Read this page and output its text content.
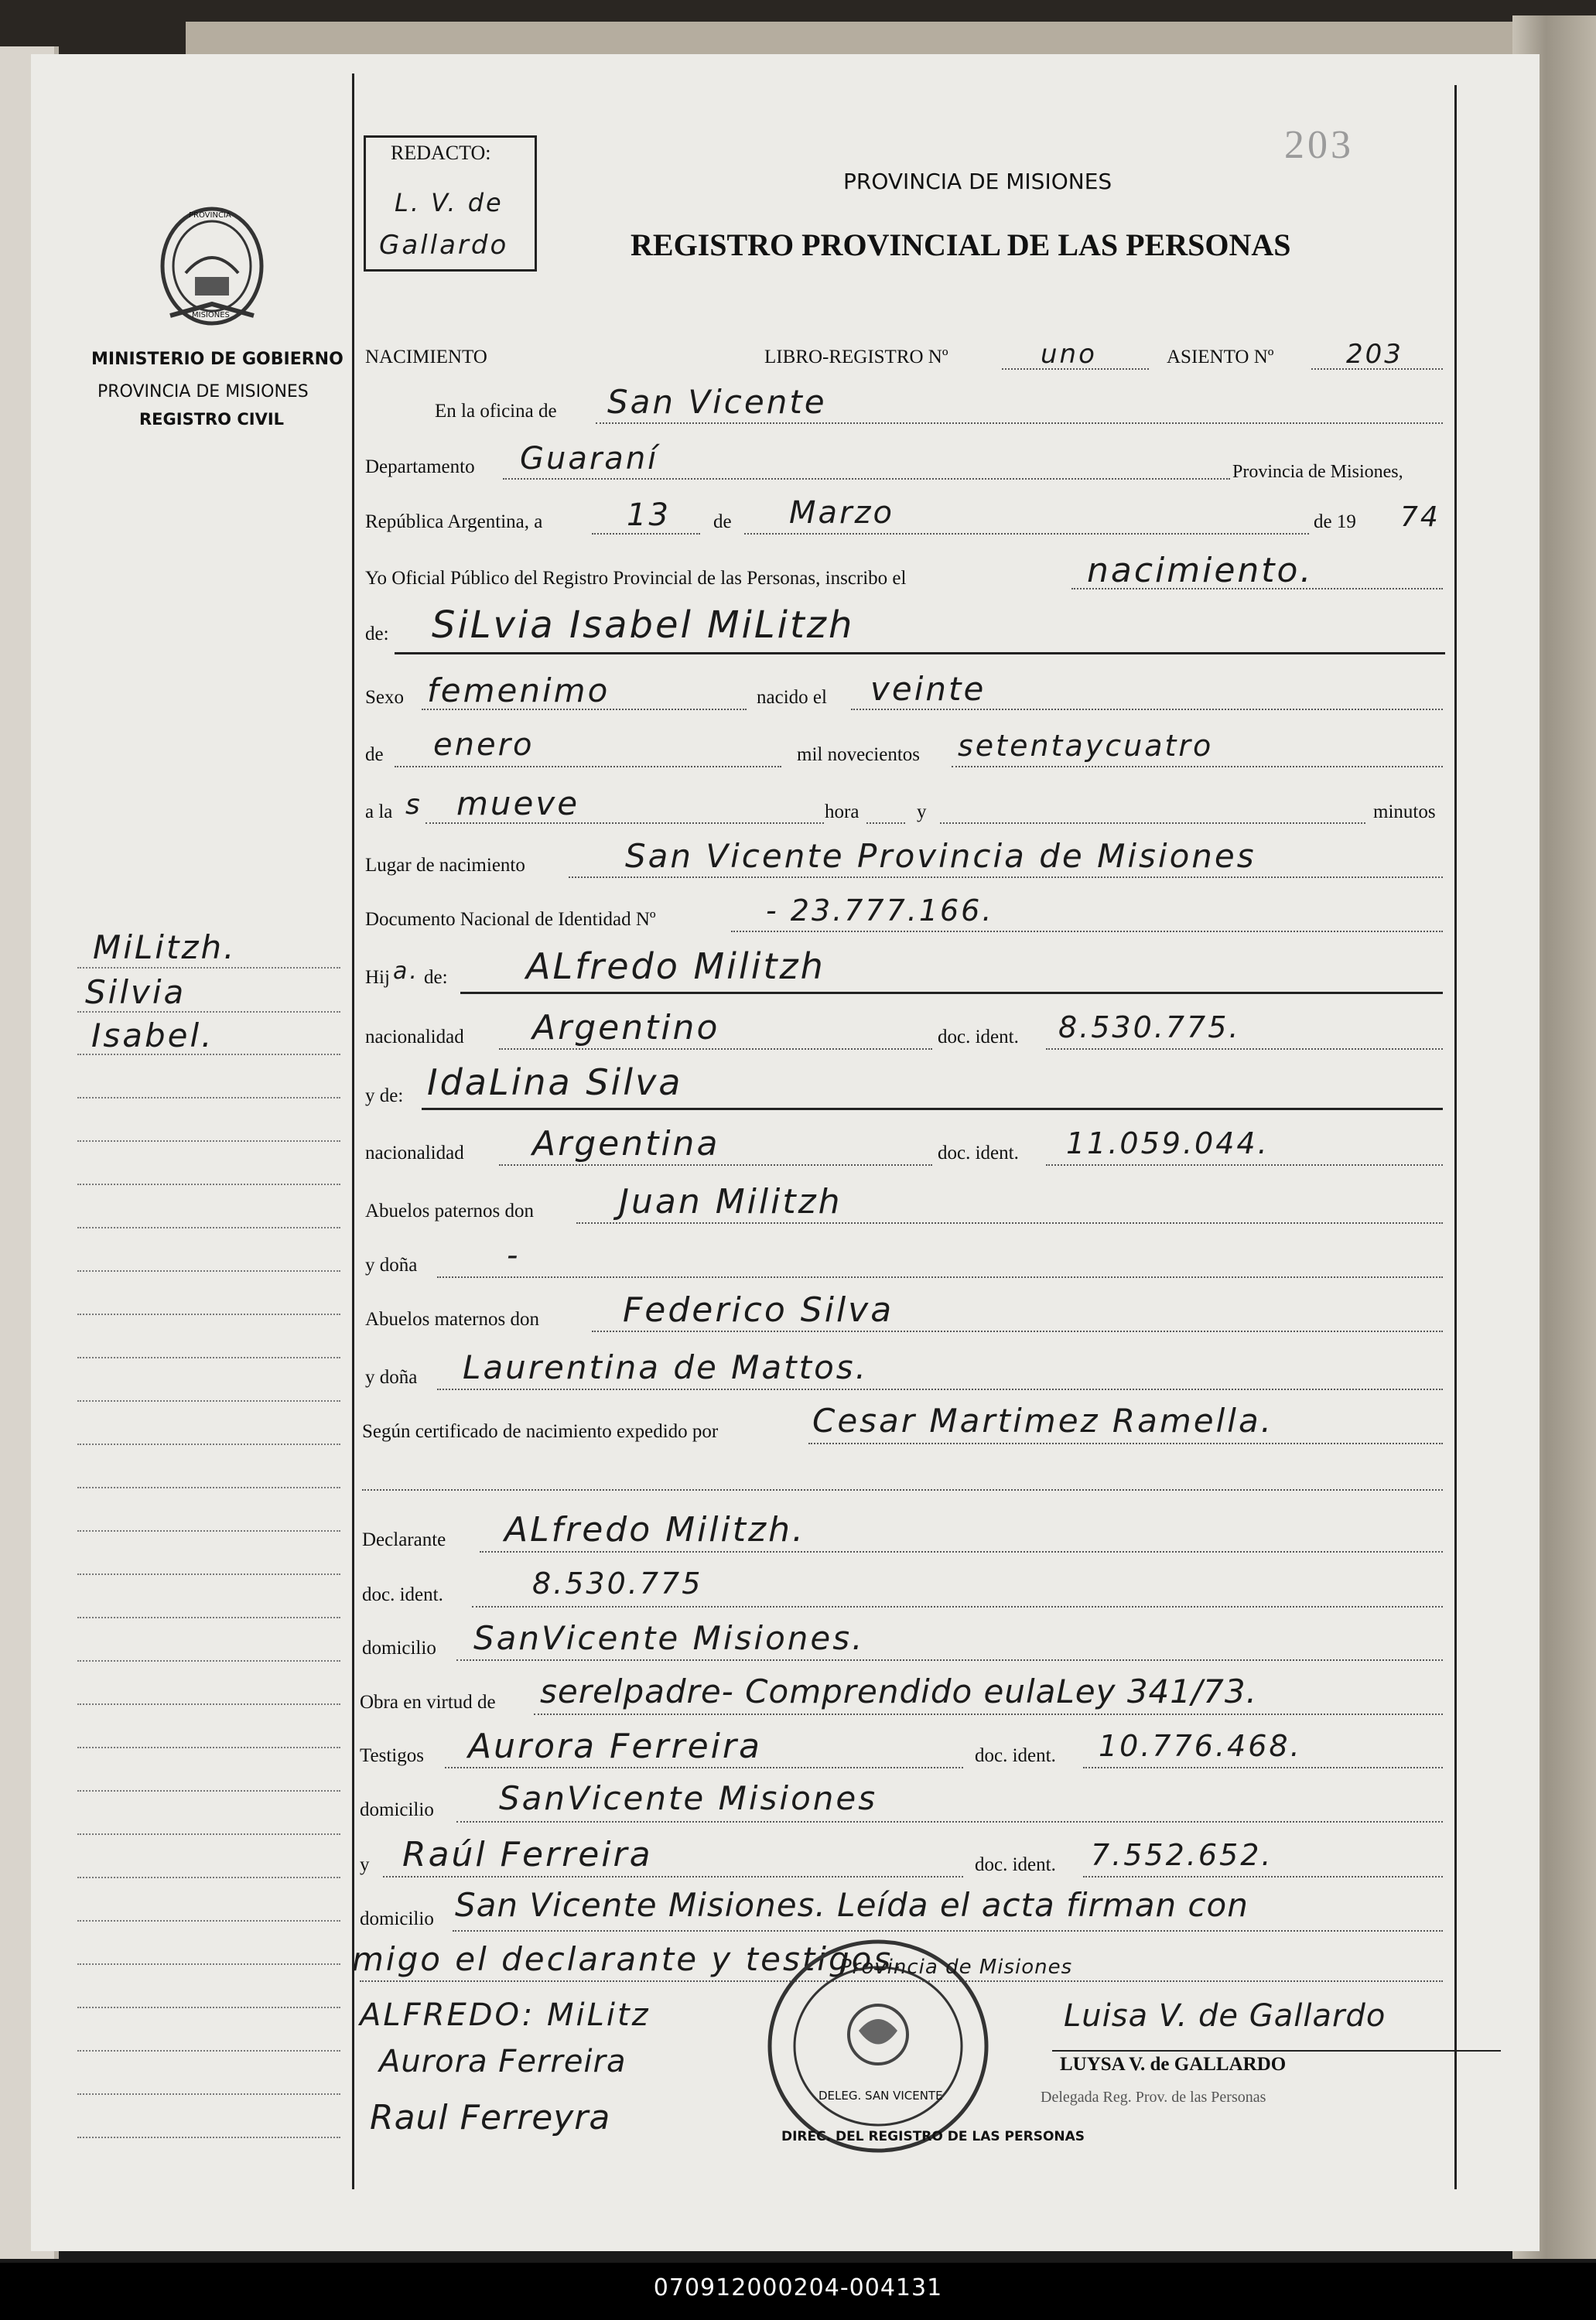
203
REDACTO:
L. V. de
Gallardo
PROVINCIA DE MISIONES
REGISTRO PROVINCIAL DE LAS PERSONAS
PROVINCIA
MISIONES
MINISTERIO DE GOBIERNO
PROVINCIA DE MISIONES
REGISTRO CIVIL
MiLitzh.
Silvia
Isabel.
NACIMIENTO	LIBRO-REGISTRO Nº	uno	ASIENTO Nº	203
En la oficina de San Vicente
Departamento Guaraní	Provincia de Misiones,
República Argentina, a	13 de Marzo	de 19 74
Yo Oficial Público del Registro Provincial de las Personas, inscribo el	nacimiento.
de: SiLvia Isabel MiLitzh
Sexo femenimo	nacido el veinte
de enero	mil novecientos setentaycuatro
a la s mueve	hora	y	minutos
Lugar de nacimiento	San Vicente Provincia de Misiones
Documento Nacional de Identidad Nº	- 23.777.166.
Hij a. de: ALfredo Militzh
nacionalidad Argentino	doc. ident. 8.530.775.
y de: IdaLina Silva
nacionalidad Argentina	doc. ident. 11.059.044.
Abuelos paternos don Juan Militzh
y doña	-
Abuelos maternos don Federico Silva
y doña Laurentina de Mattos.
Según certificado de nacimiento expedido por	Cesar Martimez Ramella.
Declarante ALfredo Militzh.
doc. ident.	8.530.775
domicilio SanVicente Misiones.
Obra en virtud de serelpadre- Comprendido eulaLey 341/73.
Testigos Aurora Ferreira	doc. ident. 10.776.468.
domicilio SanVicente Misiones
y Raúl Ferreira	doc. ident. 7.552.652.
domicilio San Vicente Misiones. Leída el acta firman con
migo el declarante y testigos.
DIREC. DEL REGISTRO DE LAS PERSONAS
DELEG. SAN VICENTE
Provincia de Misiones
ALFREDO: MiLitz
Aurora Ferreira
Raul Ferreyra
Luisa V. de Gallardo
LUYSA V. de GALLARDO
Delegada Reg. Prov. de las Personas
070912000204-004131
